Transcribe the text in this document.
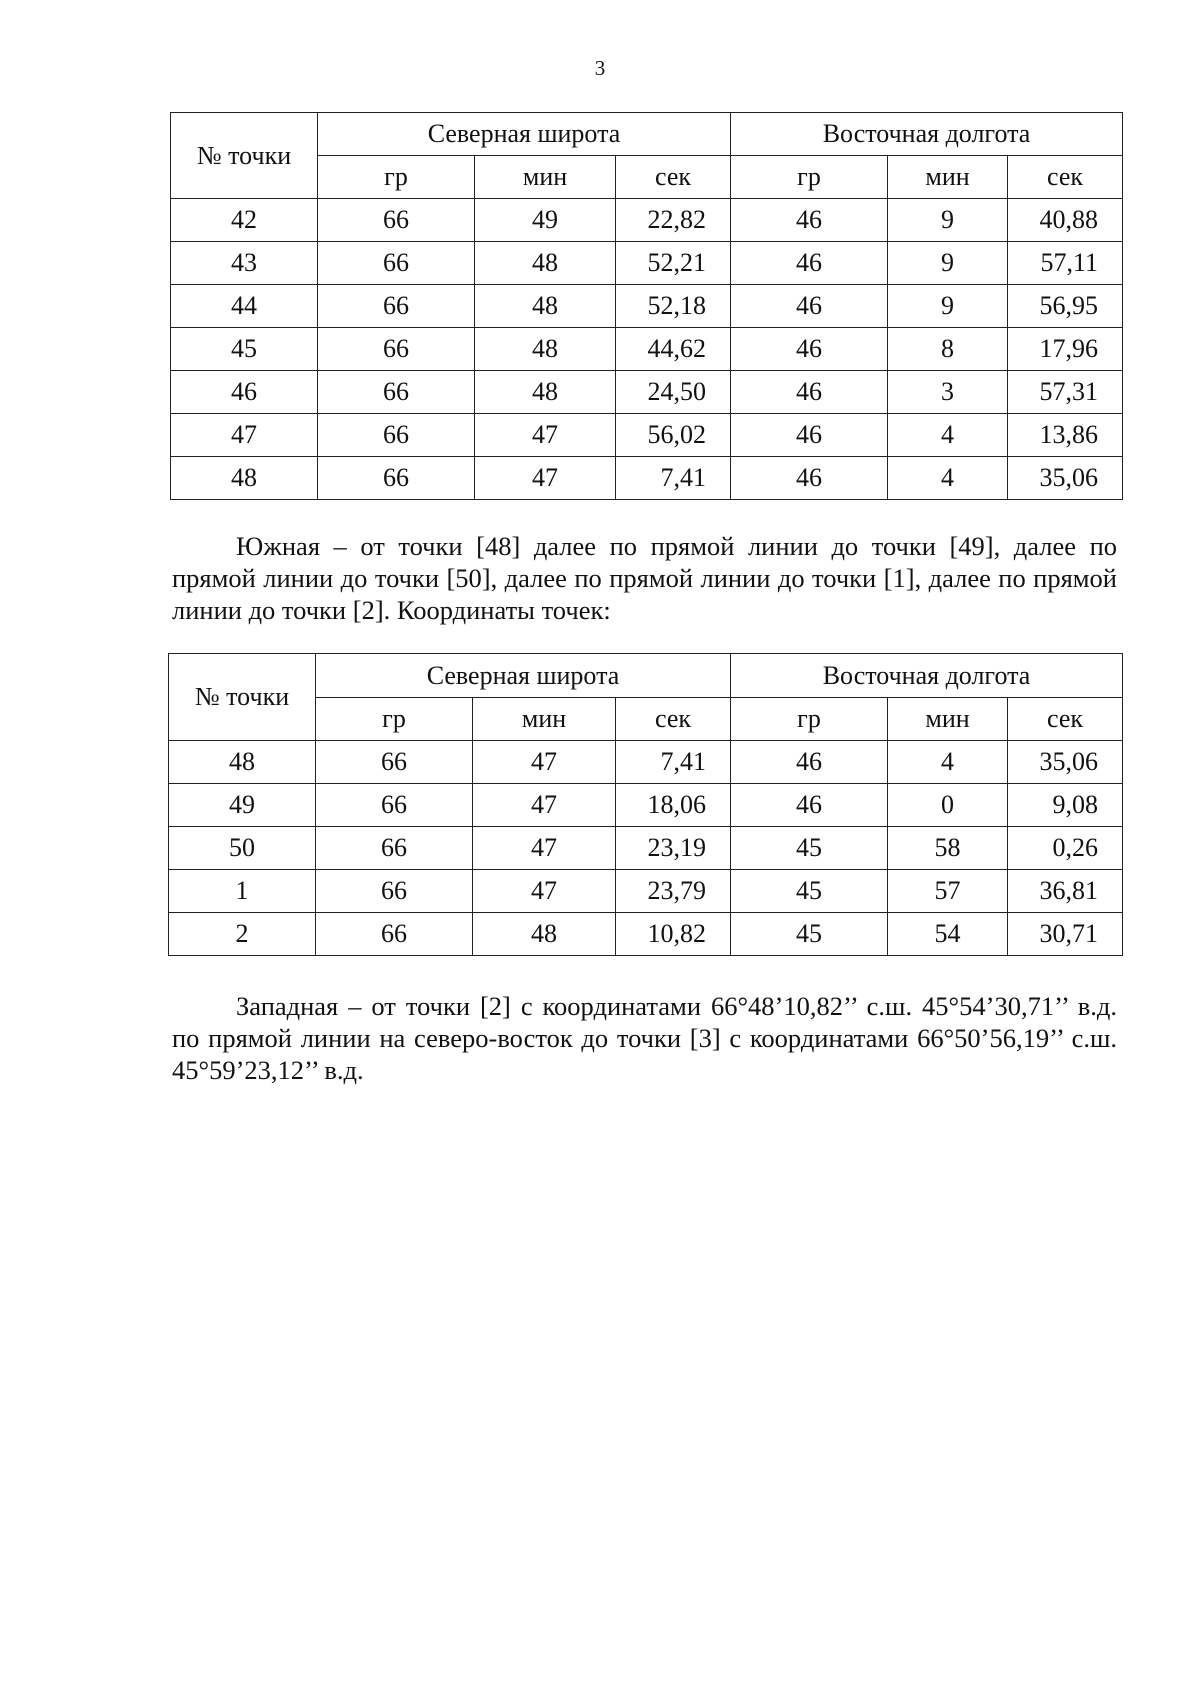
3
№ точки	Северная широта			Восточная долгота		
	гр	мин	сек	гр	мин	сек
42	66	49	22,82	46	9	40,88
43	66	48	52,21	46	9	57,11
44	66	48	52,18	46	9	56,95
45	66	48	44,62	46	8	17,96
46	66	48	24,50	46	3	57,31
47	66	47	56,02	46	4	13,86
48	66	47	7,41	46	4	35,06

Южная – от точки [48] далее по прямой линии до точки [49], далее по прямой линии до точки [50], далее по прямой линии до точки [1], далее по прямой линии до точки [2]. Координаты точек:

№ точки	Северная широта			Восточная долгота		
	гр	мин	сек	гр	мин	сек
48	66	47	7,41	46	4	35,06
49	66	47	18,06	46	0	9,08
50	66	47	23,19	45	58	0,26
1	66	47	23,79	45	57	36,81
2	66	48	10,82	45	54	30,71

Западная – от точки [2] с координатами 66°48’10,82’’ с.ш. 45°54’30,71’’ в.д. по прямой линии на северо-восток до точки [3] с координатами 66°50’56,19’’ с.ш. 45°59’23,12’’ в.д.
